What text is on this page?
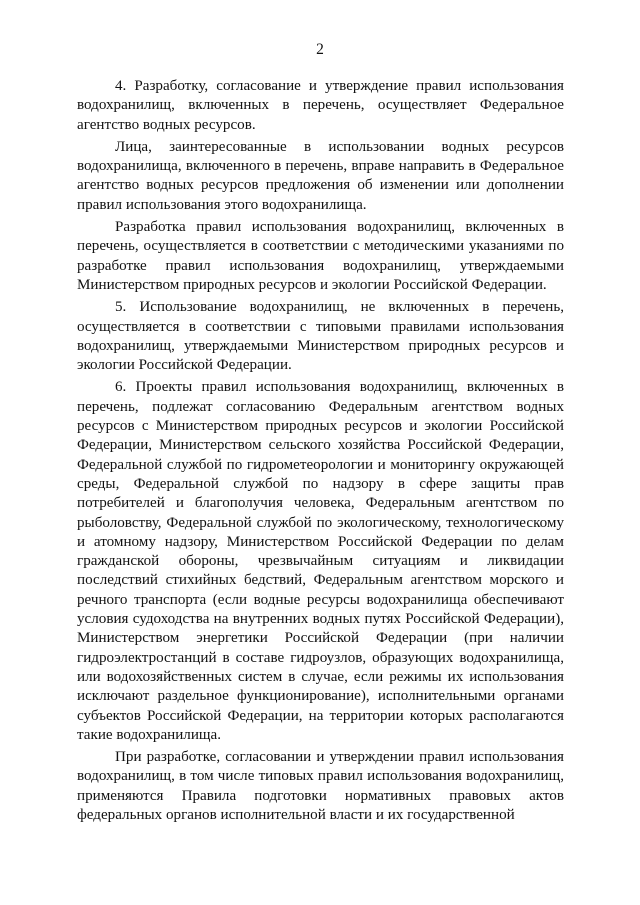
2

4. Разработку, согласование и утверждение правил использования водохранилищ, включенных в перечень, осуществляет Федеральное агентство водных ресурсов.

Лица, заинтересованные в использовании водных ресурсов водохранилища, включенного в перечень, вправе направить в Федеральное агентство водных ресурсов предложения об изменении или дополнении правил использования этого водохранилища.

Разработка правил использования водохранилищ, включенных в перечень, осуществляется в соответствии с методическими указаниями по разработке правил использования водохранилищ, утверждаемыми Министерством природных ресурсов и экологии Российской Федерации.

5. Использование водохранилищ, не включенных в перечень, осуществляется в соответствии с типовыми правилами использования водохранилищ, утверждаемыми Министерством природных ресурсов и экологии Российской Федерации.

6. Проекты правил использования водохранилищ, включенных в перечень, подлежат согласованию Федеральным агентством водных ресурсов с Министерством природных ресурсов и экологии Российской Федерации, Министерством сельского хозяйства Российской Федерации, Федеральной службой по гидрометеорологии и мониторингу окружающей среды, Федеральной службой по надзору в сфере защиты прав потребителей и благополучия человека, Федеральным агентством по рыболовству, Федеральной службой по экологическому, технологическому и атомному надзору, Министерством Российской Федерации по делам гражданской обороны, чрезвычайным ситуациям и ликвидации последствий стихийных бедствий, Федеральным агентством морского и речного транспорта (если водные ресурсы водохранилища обеспечивают условия судоходства на внутренних водных путях Российской Федерации), Министерством энергетики Российской Федерации (при наличии гидроэлектростанций в составе гидроузлов, образующих водохранилища, или водохозяйственных систем в случае, если режимы их использования исключают раздельное функционирование), исполнительными органами субъектов Российской Федерации, на территории которых располагаются такие водохранилища.

При разработке, согласовании и утверждении правил использования водохранилищ, в том числе типовых правил использования водохранилищ, применяются Правила подготовки нормативных правовых актов федеральных органов исполнительной власти и их государственной
